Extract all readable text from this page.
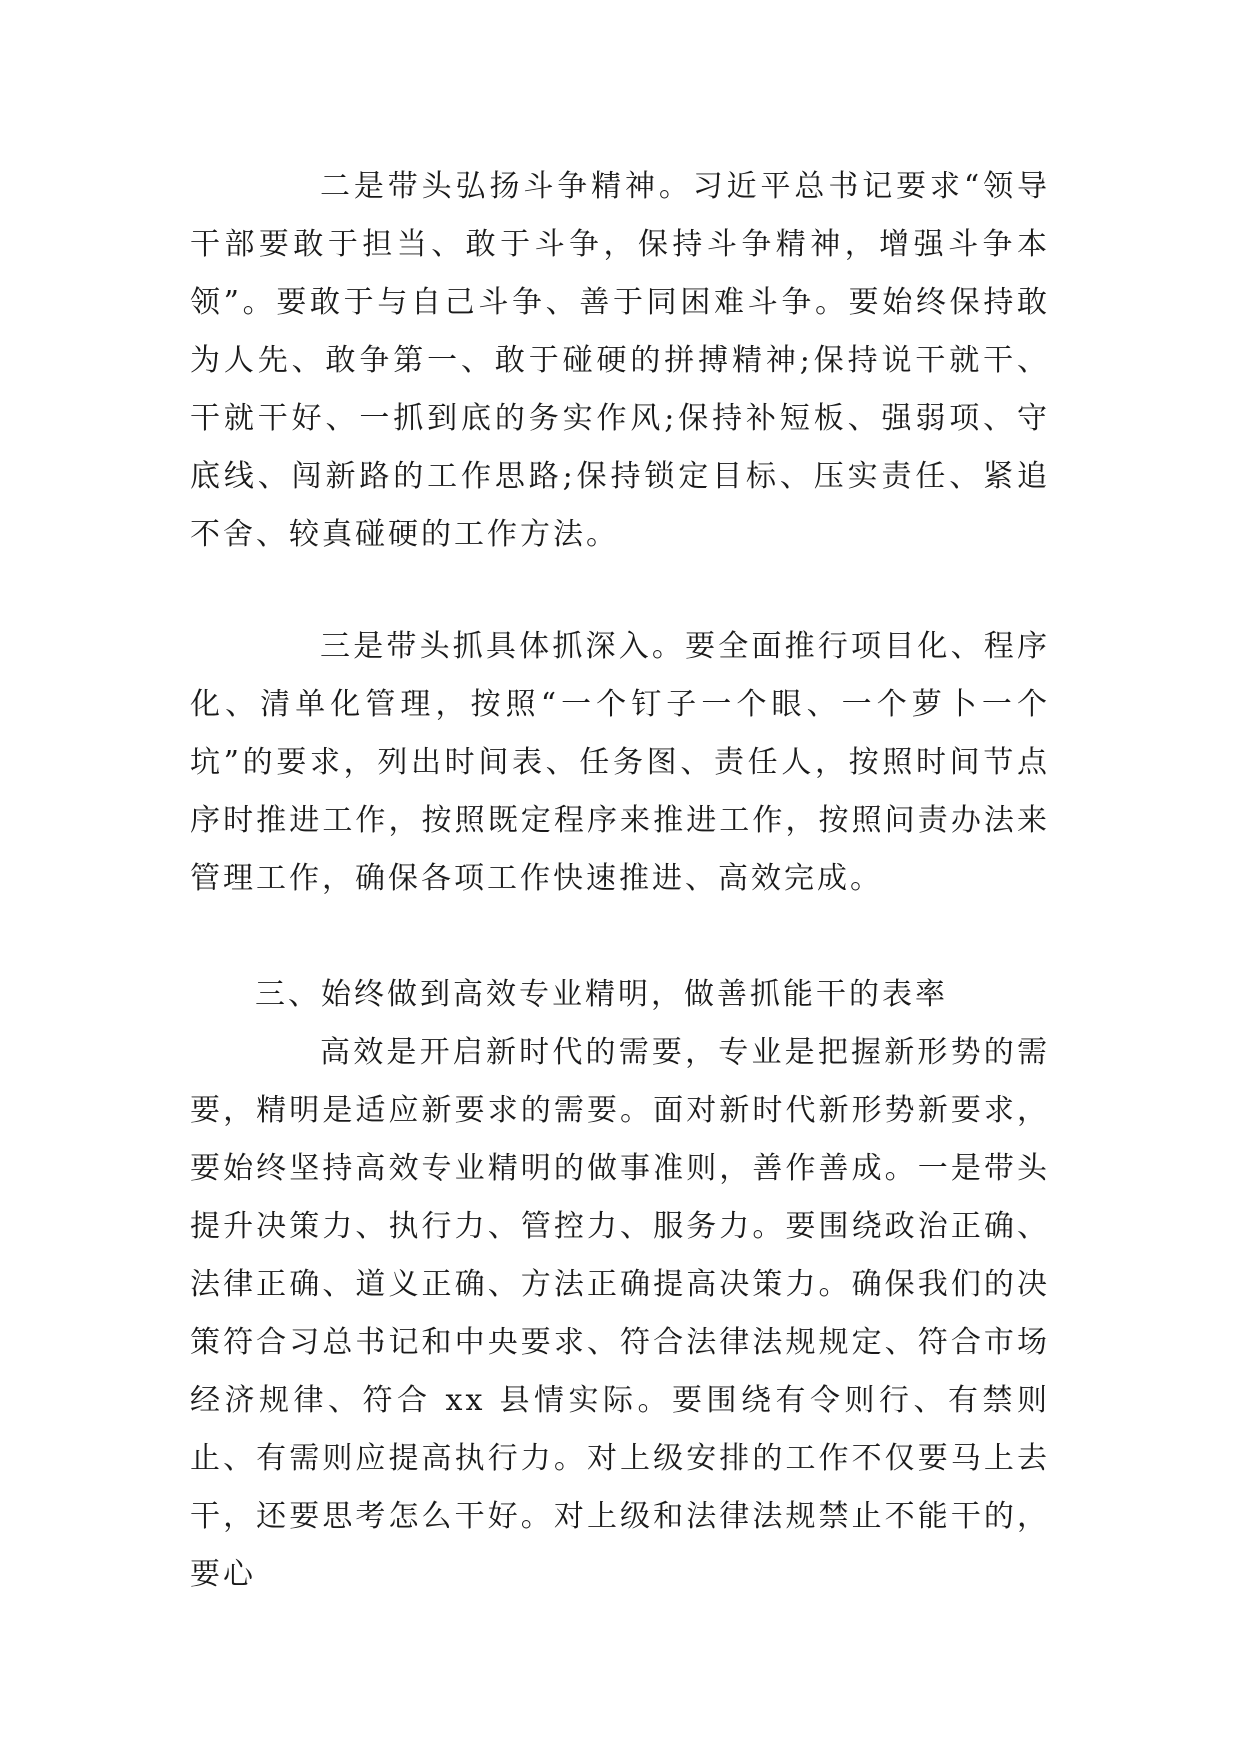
二是带头弘扬斗争精神。习近平总书记要求“领导干部要敢于担当、敢于斗争，保持斗争精神，增强斗争本领”。要敢于与自己斗争、善于同困难斗争。要始终保持敢为人先、敢争第一、敢于碰硬的拼搏精神;保持说干就干、干就干好、一抓到底的务实作风;保持补短板、强弱项、守底线、闯新路的工作思路;保持锁定目标、压实责任、紧追不舍、较真碰硬的工作方法。

三是带头抓具体抓深入。要全面推行项目化、程序化、清单化管理，按照“一个钉子一个眼、一个萝卜一个坑”的要求，列出时间表、任务图、责任人，按照时间节点序时推进工作，按照既定程序来推进工作，按照问责办法来管理工作，确保各项工作快速推进、高效完成。

三、始终做到高效专业精明，做善抓能干的表率

高效是开启新时代的需要，专业是把握新形势的需要，精明是适应新要求的需要。面对新时代新形势新要求，要始终坚持高效专业精明的做事准则，善作善成。一是带头提升决策力、执行力、管控力、服务力。要围绕政治正确、法律正确、道义正确、方法正确提高决策力。确保我们的决策符合习总书记和中央要求、符合法律法规规定、符合市场经济规律、符合 xx 县情实际。要围绕有令则行、有禁则止、有需则应提高执行力。对上级安排的工作不仅要马上去干，还要思考怎么干好。对上级和法律法规禁止不能干的，要心
